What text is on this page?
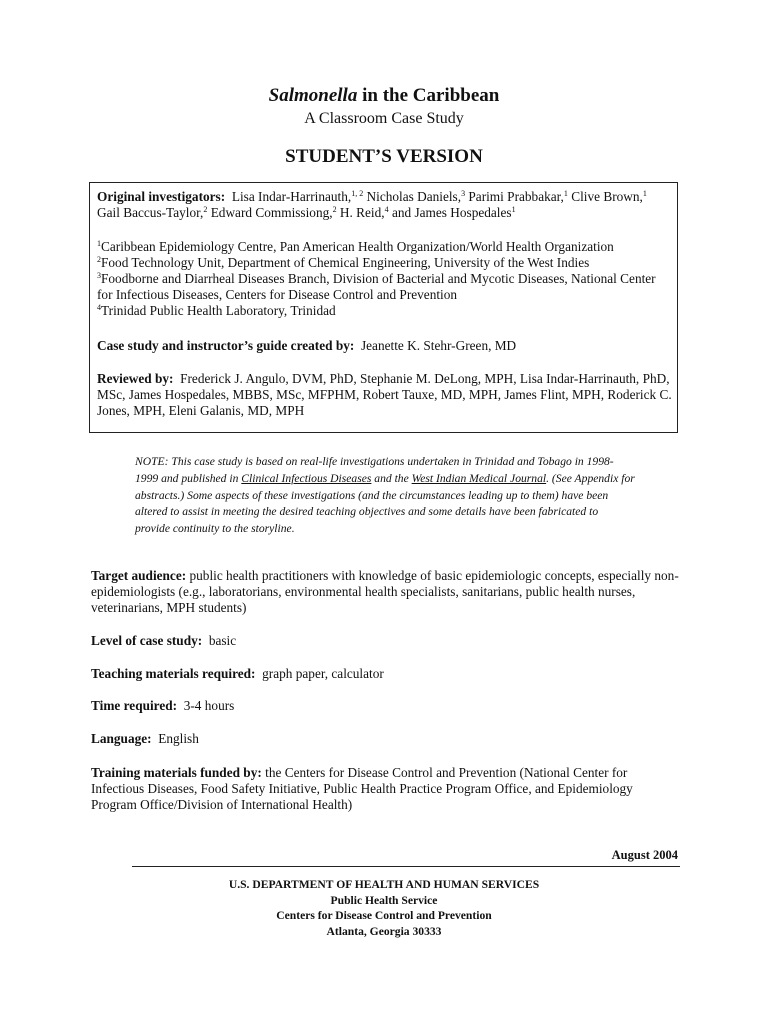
Salmonella in the Caribbean
A Classroom Case Study
STUDENT’S VERSION

Original investigators: Lisa Indar-Harrinauth,$^{1, 2}$ Nicholas Daniels,$^3$ Parimi Prabbakar,$^1$ Clive Brown,$^1$ Gail Baccus-Taylor,$^2$ Edward Commissiong,$^2$ H. Reid,$^4$ and James Hospedales$^1$

$^1$Caribbean Epidemiology Centre, Pan American Health Organization/World Health Organization
$^2$Food Technology Unit, Department of Chemical Engineering, University of the West Indies
$^3$Foodborne and Diarrheal Diseases Branch, Division of Bacterial and Mycotic Diseases, National Center for Infectious Diseases, Centers for Disease Control and Prevention
$^4$Trinidad Public Health Laboratory, Trinidad

Case study and instructor’s guide created by: Jeanette K. Stehr-Green, MD

Reviewed by: Frederick J. Angulo, DVM, PhD, Stephanie M. DeLong, MPH, Lisa Indar-Harrinauth, PhD, MSc, James Hospedales, MBBS, MSc, MFPHM, Robert Tauxe, MD, MPH, James Flint, MPH, Roderick C. Jones, MPH, Eleni Galanis, MD, MPH

NOTE: This case study is based on real-life investigations undertaken in Trinidad and Tobago in 1998-1999 and published in Clinical Infectious Diseases and the West Indian Medical Journal. (See Appendix for abstracts.) Some aspects of these investigations (and the circumstances leading up to them) have been altered to assist in meeting the desired teaching objectives and some details have been fabricated to provide continuity to the storyline.

Target audience: public health practitioners with knowledge of basic epidemiologic concepts, especially non-epidemiologists (e.g., laboratorians, environmental health specialists, sanitarians, public health nurses, veterinarians, MPH students)

Level of case study: basic

Teaching materials required: graph paper, calculator

Time required: 3-4 hours

Language: English

Training materials funded by: the Centers for Disease Control and Prevention (National Center for Infectious Diseases, Food Safety Initiative, Public Health Practice Program Office, and Epidemiology Program Office/Division of International Health)

August 2004
U.S. DEPARTMENT OF HEALTH AND HUMAN SERVICES
Public Health Service
Centers for Disease Control and Prevention
Atlanta, Georgia 30333
